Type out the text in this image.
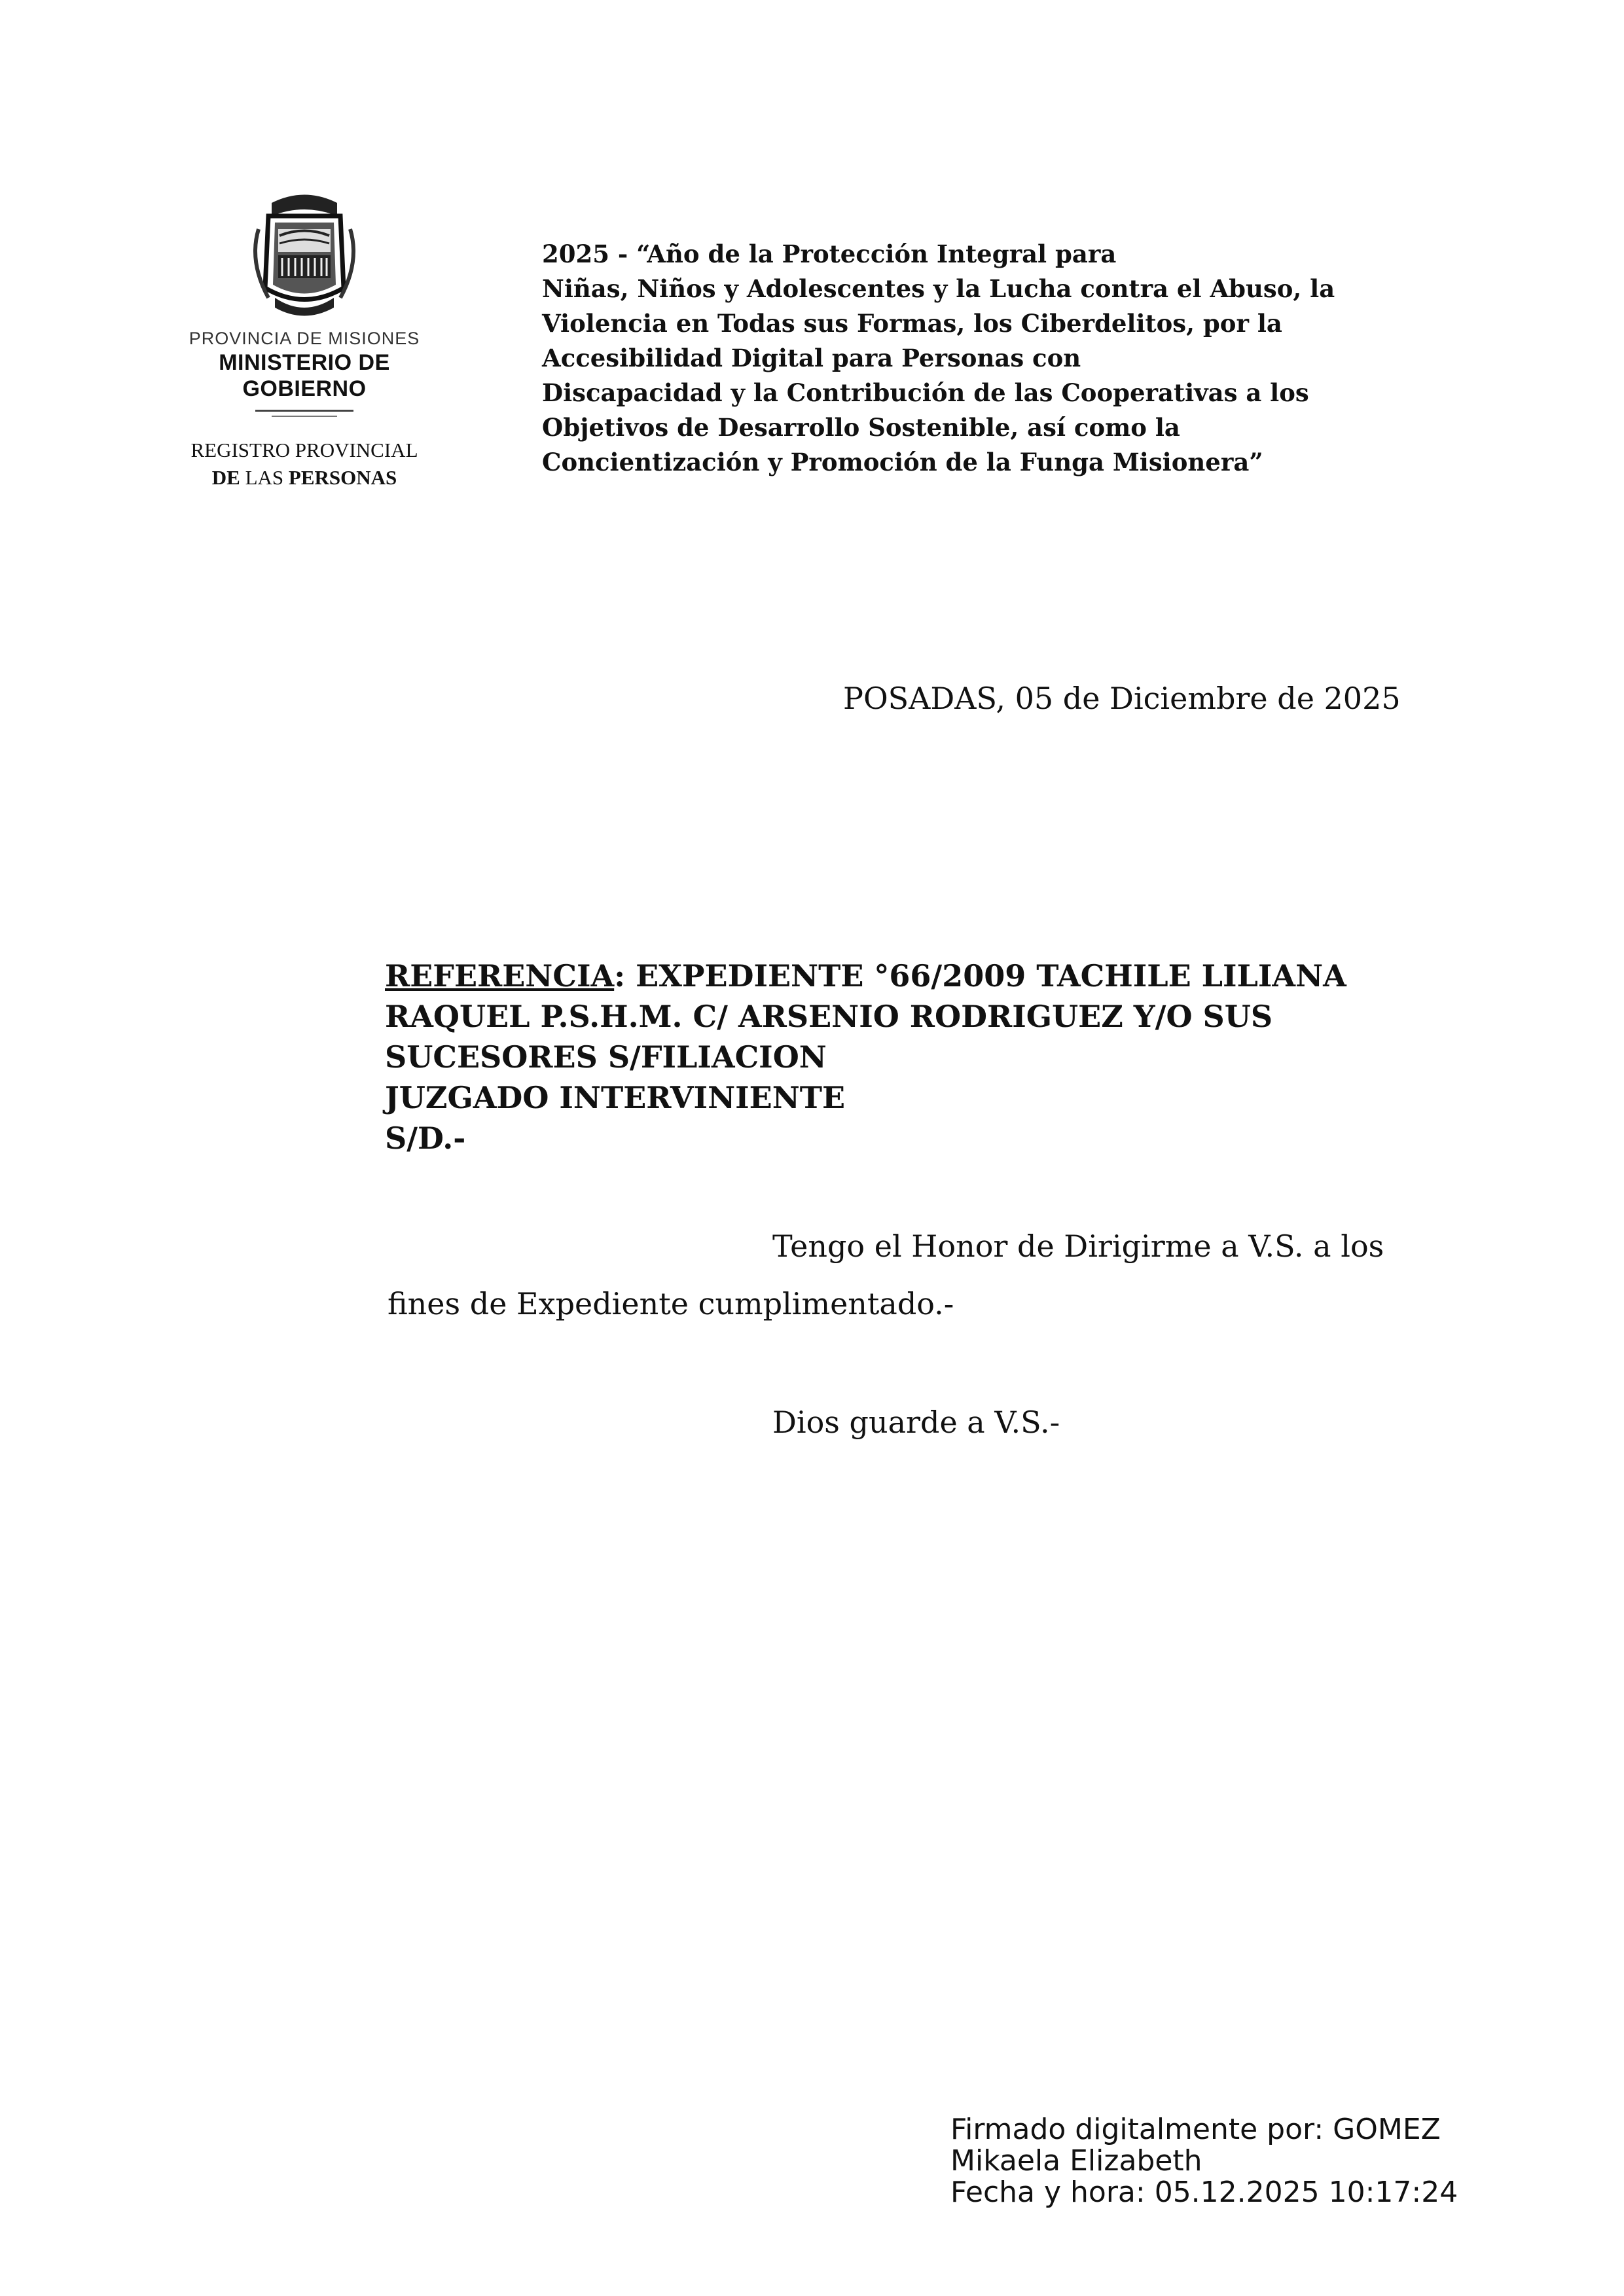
PROVINCIA DE MISIONES
MINISTERIO DE GOBIERNO
REGISTRO PROVINCIAL
DE LAS PERSONAS
2025 - “Año de la Protección Integral para
Niñas, Niños y Adolescentes y la Lucha contra el Abuso, la
Violencia en Todas sus Formas, los Ciberdelitos, por la
Accesibilidad Digital para Personas con
Discapacidad y la Contribución de las Cooperativas a los
Objetivos de Desarrollo Sostenible, así como la
Concientización y Promoción de la Funga Misionera”
POSADAS, 05 de Diciembre de 2025
REFERENCIA: EXPEDIENTE °66/2009 TACHILE LILIANA
RAQUEL P.S.H.M. C/ ARSENIO RODRIGUEZ Y/O SUS
SUCESORES S/FILIACION
JUZGADO INTERVINIENTE
S/D.-
Tengo el Honor de Dirigirme a V.S. a los
fines de Expediente cumplimentado.-
Dios guarde a V.S.-
Firmado digitalmente por: GOMEZ
Mikaela Elizabeth
Fecha y hora: 05.12.2025 10:17:24
